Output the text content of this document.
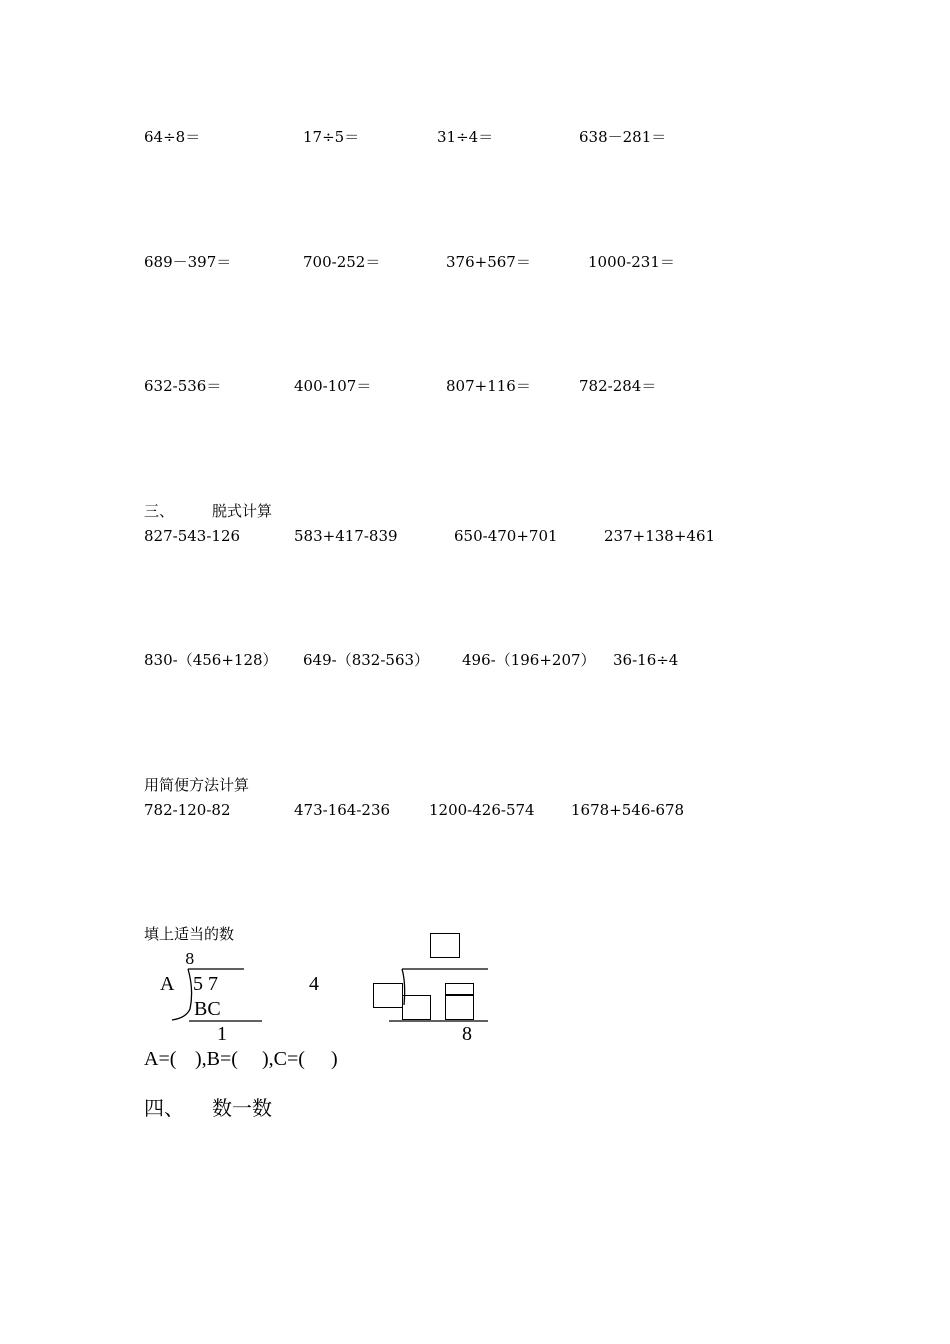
64÷8＝	17÷5＝	31÷4＝	638－281＝
689－397＝	700-252＝	376+567＝	1000-231＝
632-536＝	400-107＝	807+116＝	782-284＝
三、	脱式计算
827-543-126	583+417-839	650-470+701	237+138+461
830-（456+128） 649-（832-563） 496-（196+207） 36-16÷4
用简便方法计算
782-120-82	473-164-236	1200-426-574 1678+546-678
填上适当的数
8
A 5 7
BC
1
4
8
A=( ),B=( ),C=( )
四、 数一数
